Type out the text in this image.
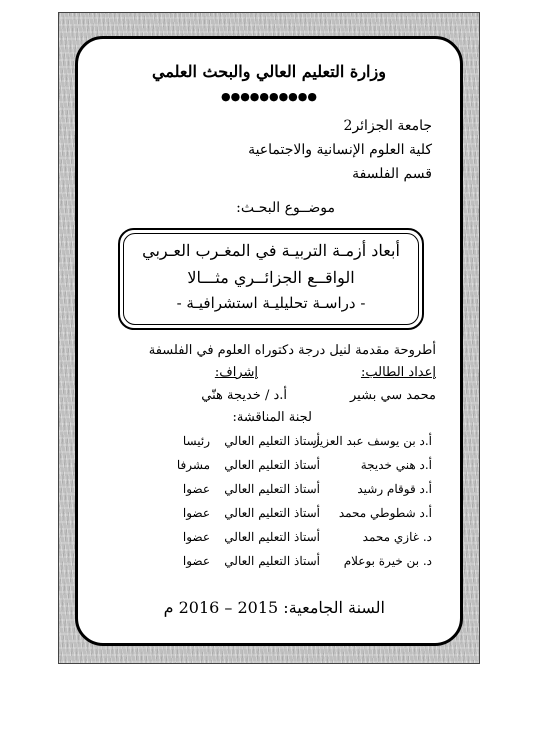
وزارة التعليم العالي والبحث العلمي
●●●●●●●●●●
جامعة الجزائر2
كلية العلوم الإنسانية والاجتماعية
قسم الفلسفة
موضــوع البحـث:
أبعاد أزمـة التربيـة في المغـرب العـربي
الواقــع الجزائــري مثـــالا
- دراسـة تحليليـة استشرافيـة -
أطروحة مقدمة لنيل درجة دكتوراه العلوم في الفلسفة
إعداد الطالب:
إشراف:
محمد سي بشير
أ.د / خديجة هنّي
لجنة المناقشة:
أ.د بن يوسف عبد العزيز
أستاذ التعليم العالي
رئيسا
أ.د هني خديجة
أستاذ التعليم العالي
مشرفا
أ.د قوقام رشيد
أستاذ التعليم العالي
عضوا
أ.د شطوطي محمد
أستاذ التعليم العالي
عضوا
د. غازي محمد
أستاذ التعليم العالي
عضوا
د. بن خيرة بوعلام
أستاذ التعليم العالي
عضوا
السنة الجامعية: 2015 – 2016 م
